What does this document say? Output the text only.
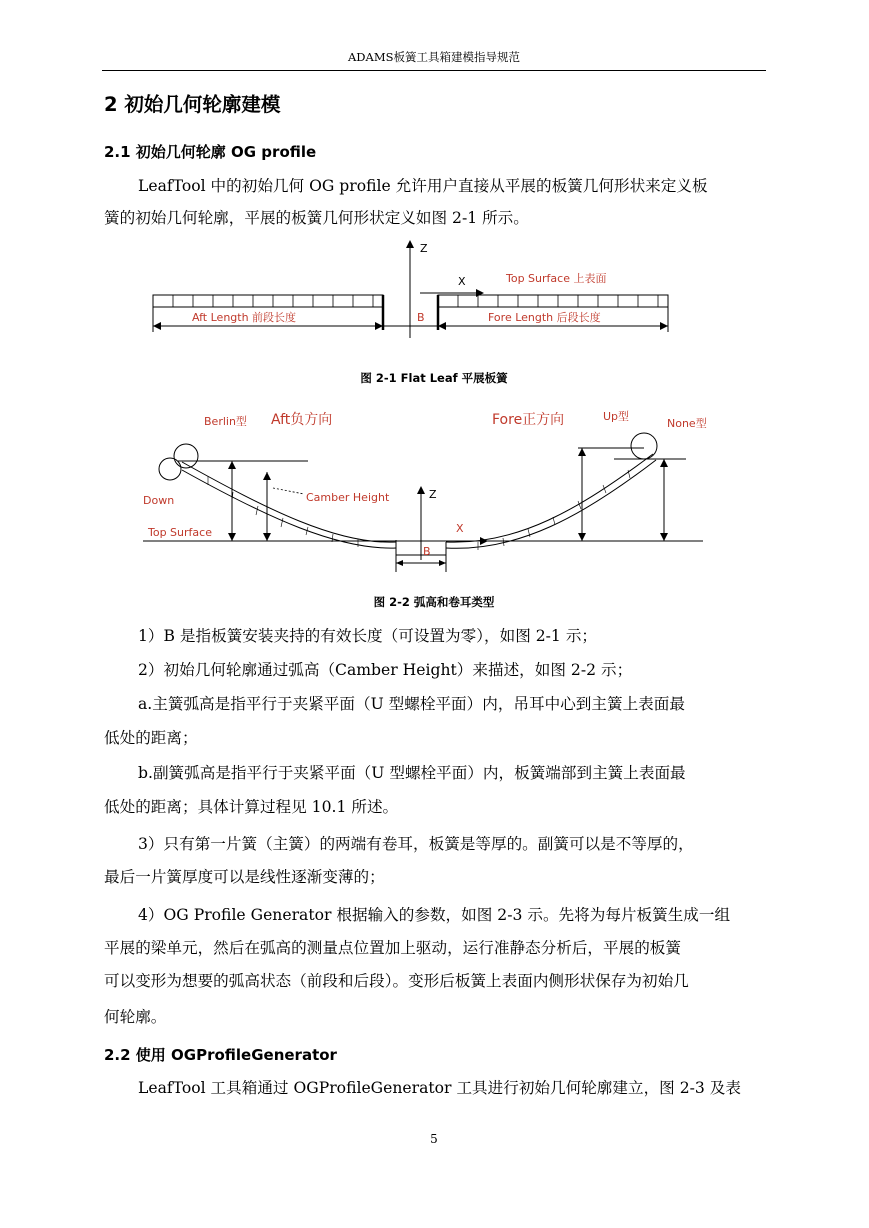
ADAMS板簧工具箱建模指导规范
2 初始几何轮廓建模
2.1 初始几何轮廓 OG profile
LeafTool 中的初始几何 OG profile 允许用户直接从平展的板簧几何形状来定义板
簧的初始几何轮廓，平展的板簧几何形状定义如图 2-1 所示。
Z
X	Top Surface 上表面
Aft Length 前段长度	B	Fore Length 后段长度
图 2-1 Flat Leaf 平展板簧
Berlin型 Aft负方向	Fore正方向	Up型
None型
Down	Camber Height
Top Surface
Z
X
B
图 2-2 弧高和卷耳类型
1）B 是指板簧安装夹持的有效长度（可设置为零），如图 2-1 示；
2）初始几何轮廓通过弧高（Camber Height）来描述，如图 2-2 示；
a.主簧弧高是指平行于夹紧平面（U 型螺栓平面）内，吊耳中心到主簧上表面最
低处的距离；
b.副簧弧高是指平行于夹紧平面（U 型螺栓平面）内，板簧端部到主簧上表面最
低处的距离；具体计算过程见 10.1 所述。
3）只有第一片簧（主簧）的两端有卷耳，板簧是等厚的。副簧可以是不等厚的，
最后一片簧厚度可以是线性逐渐变薄的；
4）OG Profile Generator 根据输入的参数，如图 2-3 示。先将为每片板簧生成一组
平展的梁单元，然后在弧高的测量点位置加上驱动，运行准静态分析后，平展的板簧
可以变形为想要的弧高状态（前段和后段）。变形后板簧上表面内侧形状保存为初始几
何轮廓。
2.2 使用 OGProfileGenerator
LeafTool 工具箱通过 OGProfileGenerator 工具进行初始几何轮廓建立，图 2-3 及表
5
